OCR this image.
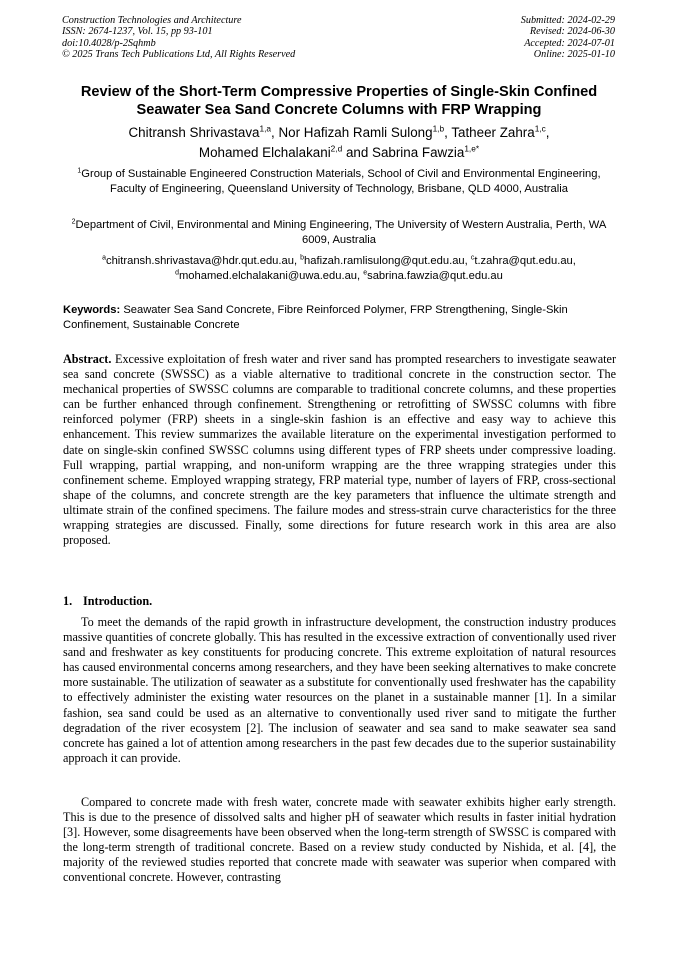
Construction Technologies and Architecture
ISSN: 2674-1237, Vol. 15, pp 93-101
doi:10.4028/p-2Sqhmb
© 2025 Trans Tech Publications Ltd, All Rights Reserved
Submitted: 2024-02-29
Revised: 2024-06-30
Accepted: 2024-07-01
Online: 2025-01-10
Review of the Short-Term Compressive Properties of Single-Skin Confined Seawater Sea Sand Concrete Columns with FRP Wrapping
Chitransh Shrivastava$^{1,a}$, Nor Hafizah Ramli Sulong$^{1,b}$, Tatheer Zahra$^{1,c}$,
Mohamed Elchalakani$^{2,d}$ and Sabrina Fawzia$^{1,e*}$
$^1$Group of Sustainable Engineered Construction Materials, School of Civil and Environmental Engineering, Faculty of Engineering, Queensland University of Technology, Brisbane, QLD 4000, Australia
$^2$Department of Civil, Environmental and Mining Engineering, The University of Western Australia, Perth, WA 6009, Australia
$^a$chitransh.shrivastava@hdr.qut.edu.au, $^b$hafizah.ramlisulong@qut.edu.au, $^c$t.zahra@qut.edu.au,
$^d$mohamed.elchalakani@uwa.edu.au, $^e$sabrina.fawzia@qut.edu.au
Keywords: Seawater Sea Sand Concrete, Fibre Reinforced Polymer, FRP Strengthening, Single-Skin Confinement, Sustainable Concrete
Abstract. Excessive exploitation of fresh water and river sand has prompted researchers to investigate seawater sea sand concrete (SWSSC) as a viable alternative to traditional concrete in the construction sector. The mechanical properties of SWSSC columns are comparable to traditional concrete columns, and these properties can be further enhanced through confinement. Strengthening or retrofitting of SWSSC columns with fibre reinforced polymer (FRP) sheets in a single-skin fashion is an effective and easy way to achieve this enhancement. This review summarizes the available literature on the experimental investigation performed to date on single-skin confined SWSSC columns using different types of FRP sheets under compressive loading. Full wrapping, partial wrapping, and non-uniform wrapping are the three wrapping strategies under this confinement scheme. Employed wrapping strategy, FRP material type, number of layers of FRP, cross-sectional shape of the columns, and concrete strength are the key parameters that influence the ultimate strength and ultimate strain of the confined specimens. The failure modes and stress-strain curve characteristics for the three wrapping strategies are discussed. Finally, some directions for future research work in this area are also proposed.
1. Introduction.
To meet the demands of the rapid growth in infrastructure development, the construction industry produces massive quantities of concrete globally. This has resulted in the excessive extraction of conventionally used river sand and freshwater as key constituents for producing concrete. This extreme exploitation of natural resources has caused environmental concerns among researchers, and they have been seeking alternatives to make concrete more sustainable. The utilization of seawater as a substitute for conventionally used freshwater has the capability to effectively administer the existing water resources on the planet in a sustainable manner [1]. In a similar fashion, sea sand could be used as an alternative to conventionally used river sand to mitigate the further degradation of the river ecosystem [2]. The inclusion of seawater and sea sand to make seawater sea sand concrete has gained a lot of attention among researchers in the past few decades due to the superior sustainability approach it can provide.
Compared to concrete made with fresh water, concrete made with seawater exhibits higher early strength. This is due to the presence of dissolved salts and higher pH of seawater which results in faster initial hydration [3]. However, some disagreements have been observed when the long-term strength of SWSSC is compared with the long-term strength of traditional concrete. Based on a review study conducted by Nishida, et al. [4], the majority of the reviewed studies reported that concrete made with seawater was superior when compared with conventional concrete. However, contrasting
